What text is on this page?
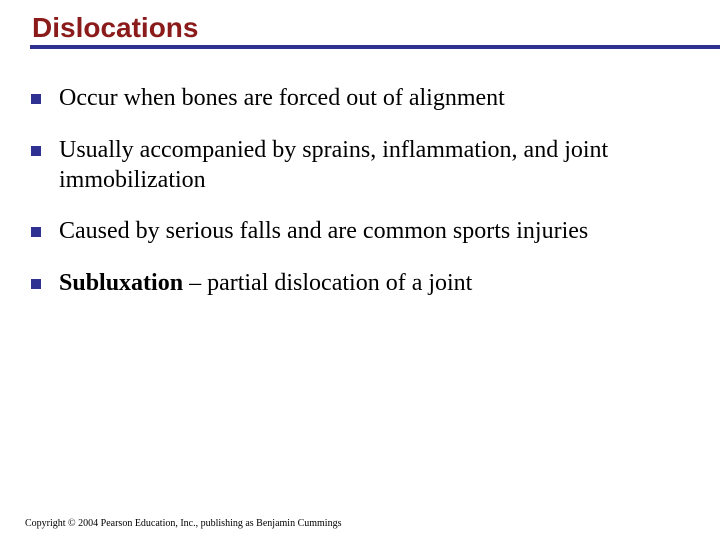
Dislocations
Occur when bones are forced out of alignment
Usually accompanied by sprains, inflammation, and joint immobilization
Caused by serious falls and are common sports injuries
Subluxation – partial dislocation of a joint
Copyright © 2004 Pearson Education, Inc., publishing as Benjamin Cummings
